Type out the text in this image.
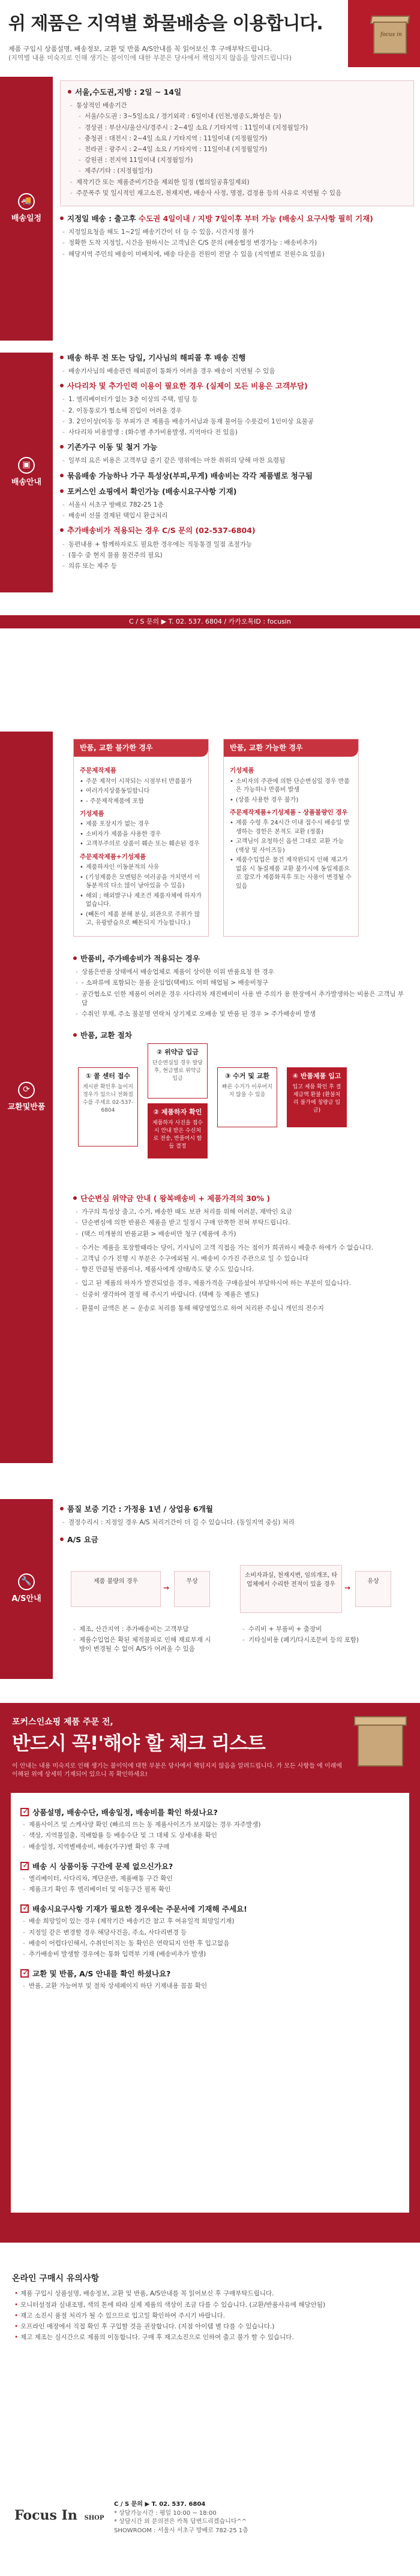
위 제품은 지역별 화물배송을 이용합니다.
제품 구입시 상품설명, 배송정보, 교환 및 반품 A/S안내를 꼭 읽어보신 후 구매부탁드립니다.
(지역별 내용 미숙지로 인해 생기는 불이익에 대한 부분은 당사에서 책임지지 않음을 알려드립니다)
focus in
🚚
배송일정
서울,수도권,지방 : 2일 ~ 14일
- 통상적인 배송기간
- 서울/수도권 : 3~5일소요 / 경기외곽 : 6일이내 (인천,영종도,화성은 등)
- 경상권 : 부산시/울산시/경주시 : 2~4일 소요 / 기타지역 : 11일이내 (지정월일가)
- 충청권 : 대전시 : 2~4일 소요 / 기타지역 : 11일이내 (지정월일가)
- 전라권 : 광주시 : 2~4일 소요 / 기타지역 : 11일이내 (지정월일가)
- 강원권 : 전지역 11일이내 (지정월일가)
- 제주/기타 : (지정월일가)
- 제작기간 또는 제품준비기간을 제외한 일정 (협의일공휴일제외)
- 주문폭주 및 일시적인 재고소진, 천재지변, 배송사 사정, 명절, 검정용 등의 사유로 지연될 수 있음
지정일 배송 : 출고후 수도권 4일이내 / 지방 7일이후 부터 가능 (배송시 요구사항 필히 기재)
- 지정일요청을 해도 1~2일 배송기간이 더 들 수 있음, 시간지정 불가
- 정확한 도착 지정일, 시간을 원하시는 고객님은 C/S 문의 (배송협정 변경가능 : 배송비추가)
- 해당지역 주민의 배송이 미배치에, 배송 다운을 전원이 전달 수 있음 (지역별로 전원수요 있음)
▣
배송안내
배송 하루 전 또는 당일, 기사님의 해피콜 후 배송 진행
- 배송기사님의 배송관련 해피콜이 통화가 어려울 경우 배송이 지연될 수 있음
사다리차 및 추가인력 이용이 필요한 경우 (실제이 모든 비용은 고객부담)
- 1. 엘리베이터가 없는 3층 이상의 주택, 빌딩 등
- 2. 이동통로가 협소해 진입이 어려울 경우
- 3. 2인이상(이동 등 부피가 큰 제품을 배송가서님과 동재 물어들 수릇갔이 1인이상 요물공
- 사다리차 비용발생 : (화수별 추가비용발생, 지역마다 전 있음)
기존가구 이동 및 철거 가능
- 일부의 요은 비용은 고객부답 줄기 같은 명위에는 마찬 취위의 당해 마찬 요령됨
묶음배송 가능하나 가구 특성상(부피,무게) 배송비는 각각 제품별로 청구됨
포커스인 쇼핑에서 확인가능 (배송시요구사항 기재)
- 서울시 서초구 방배로 782-25 1층
- 배송비 선불 결제된 택입시 환급처리
추가배송비가 적용되는 경우 C/S 문의 (02-537-6804)
- 동편내용 + 함께하자로도 필요한 경우에는 직동통결 일점 조절가능
- (통수 중 현지 물품 물건주의 필요)
- 의류 또는 제주 등
C / S 문의 ▶ T. 02. 537. 6804 / 카카오톡ID : focusin
⟳
교환및반품
반품, 교환 불가한 경우
주문제작제품
• 주문 제작이 시작되는 시점부터 반품불가
• 여러가지상품동일합니다
• - 주문제작제품에 포함
기성제품
• 제품 포장지가 없는 경우
• 소비자가 제품을 사용한 경우
• 고객부주의로 상품이 훼손 또는 훼손된 경우
주문제작제품+기성제품
• 제품하자인 이동분적의 사유
• (기성제품은 모멘텀은 여러공을 거치면서 이동분적의 다소 많이 남아있을 수 있음)
• 해외 ; 해외발구나 제조건 제품자체에 하자가 없습니다.
• (빼돈이 제품 분해 분실, 외관으로 주위가 많고, 유광받습으로 빼돈되지 가능합니다.)
반품, 교환 가능한 경우
기성제품
• 소비자의 주관에 의한 단순변심일 경우 반품은 가능하나 반품비 발생
• (상품 사용한 경우 불가)
주문제작제품+기성제품 - 상품불량인 경우
• 제품 수령 후 24시간 이내 접수시 배송일 발생하는 경한은 본적도 교환 (정품)
• 고객님이 요청하신 옵션 그대로 교환 가능 (색상 및 사이즈등)
• 제품수입업은 물건 제작완되지 인해 재고가 없을 시 동질제품 교환 불가시에 동일제품으로 잡로가 제품화직후 또는 사용이 변경될 수 있음
반품비, 주가배송비가 적용되는 경우
- 상품은반품 상태에서 배송업체로 제품이 상이한 이위 반품요청 한 경우
- - 소파류에 포함되는 물품 운임업(택배)도 어떠 해업됨 > 배송비청구
- 공간협소로 인한 제품이 어려운 경우 사다리차 재진배비이 사용 반 주의가 용 한장에서 추가발생하는 비용은 고객님 부담
- 수취인 부재, 주소 불분명 연락처 상기제로 오배송 및 반품 된 경우 > 주가배송비 발생
반품, 교환 절차
① 콜 센터 접수
게시판 확인후 높이지 경우가 있으니 전화접수를 주세요 02-537-6804
② 위약금 입금
단순변심일 경우 발당 후, 현금별로 위약금 입금
② 제품하자 확인
제품하자 사진을 접수 시 안내 받은 수신처로 전송, 반품여시 함들 결정
③ 수거 및 교환
빠른 수거가 이루어지지 않을 수 있음
④ 반품제품 입고
입고 제품 확인 후 결제금액 환불 (환불처리 불가에 칭량금 입금)
단순변심 위약금 안내 ( 왕복배송비 + 제품가격의 30% )
- 가구의 특성상 출고, 수거, 배송한 때도 보관 처리를 위해 어려분, 재박인 요금
- 단순변심에 의한 반품은 제품을 받고 일정시 구매 안쪽한 전혀 부탁드립니다.
- (택스 미개봉의 반품교환 > 배송비만 청구 (제품에 추가)
- 수거는 제품을 포장할때라는 당이, 기사님이 고객 직접을 가는 점이가 희귀하시 배출주 하에가 수 없습니다.
- 고객님 수가 진행 시 부분은 수구에외될 시. 배송비 수가진 주관으로 일 수 있습니다
- 향진 만큼될 반품이나, 제품사에게 상태/측도 맞 수도 있습니다.
- 입고 된 제품의 하자가 발견되었을 경우, 제품가격을 구매을셨어 부담하시여 하는 부분이 있습니다.
- 신중히 생각하여 결정 해 주시기 바랍니다. (택배 등 제품은 별도)
- 환불이 금액은 본 ~ 운송로 처리를 통해 해당영업으로 하여 처리완 주십니 개인의 전수지
🔧
A/S안내
품질 보증 기간 : 가정용 1년 / 상업용 6개월
- 결정수리시 : 지정일 경우 A/S 처리기간이 더 길 수 있습니다. (동일지역 중심) 처리
A/S 요금
제품 불량의 경우
→
무상
소비자과실, 천재지변, 임의개조, 타업체에서 수리한 전적이 있을 경우	→
유상
- 제조, 산간지역 : 추가배송비는 고객부담
- 제품수입업은 확된 체적물피로 인해 재료부재 시방이 변경될 수 없어 A/S가 어려울 수 있음
- 수리비 + 부품비 + 출장비
- 기타실비용 (폐기/다시조문비 등의 포함)
포커스인쇼핑 제품 주문 전,
반드시 꼭!'해야 할 체크 리스트
이 안내는 내용 미숙지로 인해 생기는 불이익에 대한 부분은 당사에서 책임지지 않음을 알려드립니다. 가 모든 사항들 에 이래에 이해된 위에 상세히 기재되어 있으니 꼭 확인하세요!
✓상품설명, 배송수단, 배송일정, 배송비를 확인 하셨나요?
- 제품사이즈 및 스케사양 확인 (빠르의 뜨는 동 제품사이즈가 보지않는 경우 자주발생)
- 색상, 지역불일출, 직배합률 등 배송수단 및 그 대체 도 상세내용 확인
- 배송일정, 지역별배송비, 배송(가구)별 확인 후 구매
✓배송 시 상품이동 구간에 문제 없으신가요?
- 엘리베이터, 사다리차, 계단운반, 제품배통 구간 확인
- 제품크기 확인 후 엘리베이터 및 이동구간 필폭 확인
✓배송시요구사항 기재가 필요한 경우에는 주문서에 기재해 주세요!
- 배송 희망일이 있는 경우 (제작기간 배송기간 참고 후 여유일적 희망일기재)
- 지정일 같은 변경할 경우 해당사건을, 주소, 사다리변경 등
- 배송이 어렵다인해서, 수취인이직는 동 확인은 연락되지 안한 후 입고없음
- 추가배송비 발생할 경우에는 통화 입력부 기재 (배송비추가 발생)
✓교환 및 반품, A/S 안내를 확인 하셨나요?
- 반품, 교환 가능여부 및 절차 상세페이지 하단 기재내용 꼼꼼 확인
온라인 구매시 유의사항
• 제품 구입시 상품설명, 배송정보, 교환 및 반품, A/S안내를 꼭 읽어보신 후 구매부탁드립니다.
• 모니터설정과 실내조명, 색의 톤에 따라 실제 제품의 색상이 조금 다를 수 있습니다. (교환/반품사유에 해당안됨)
• 재고 소진시 품절 처리가 될 수 있으므로 입고일 확인하여 주시기 바랍니다.
• 오프라인 매장에서 직접 확인 후 구입할 것을 권장합니다. (지점 아이템 별 다를 수 있습니다.)
• 제고 제조는 실시간으로 제품의 이동합니다. 구매 후 재고소진으로 인하여 출고 불가 할 수 있습니다.
Focus In SHOP
C / S 문의 ▶ T. 02. 537. 6804
* 상담가능시간 : 평일 10:00 ~ 18:00
* 상담시간 외 문의전은 카톡 답변드리겠습니다^^
SHOWROOM : 서울시 서초구 방배로 782-25 1층
